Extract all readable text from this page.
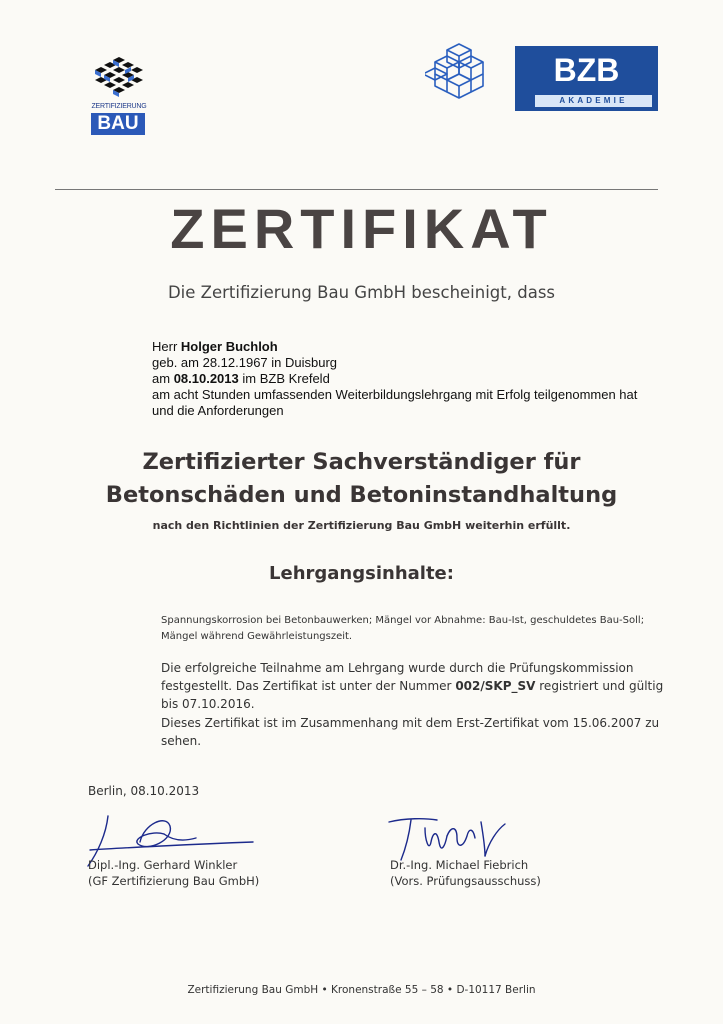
ZERTIFIZIERUNG
BAU
BZB
AKADEMIE
ZERTIFIKAT
Die Zertifizierung Bau GmbH bescheinigt, dass
Herr Holger Buchloh
geb. am 28.12.1967 in Duisburg
am 08.10.2013 im BZB Krefeld
am acht Stunden umfassenden Weiterbildungslehrgang mit Erfolg teilgenommen hat
und die Anforderungen
Zertifizierter Sachverständiger für
Betonschäden und Betoninstandhaltung
nach den Richtlinien der Zertifizierung Bau GmbH weiterhin erfüllt.
Lehrgangsinhalte:
Spannungskorrosion bei Betonbauwerken; Mängel vor Abnahme: Bau-Ist, geschuldetes Bau-Soll;
Mängel während Gewährleistungszeit.
Die erfolgreiche Teilnahme am Lehrgang wurde durch die Prüfungskommission
festgestellt. Das Zertifikat ist unter der Nummer 002/SKP_SV registriert und gültig
bis 07.10.2016.
Dieses Zertifikat ist im Zusammenhang mit dem Erst-Zertifikat vom 15.06.2007 zu
sehen.
Berlin, 08.10.2013
Dipl.-Ing. Gerhard Winkler
(GF Zertifizierung Bau GmbH)
Dr.-Ing. Michael Fiebrich
(Vors. Prüfungsausschuss)
Zertifizierung Bau GmbH • Kronenstraße 55 – 58 • D-10117 Berlin
